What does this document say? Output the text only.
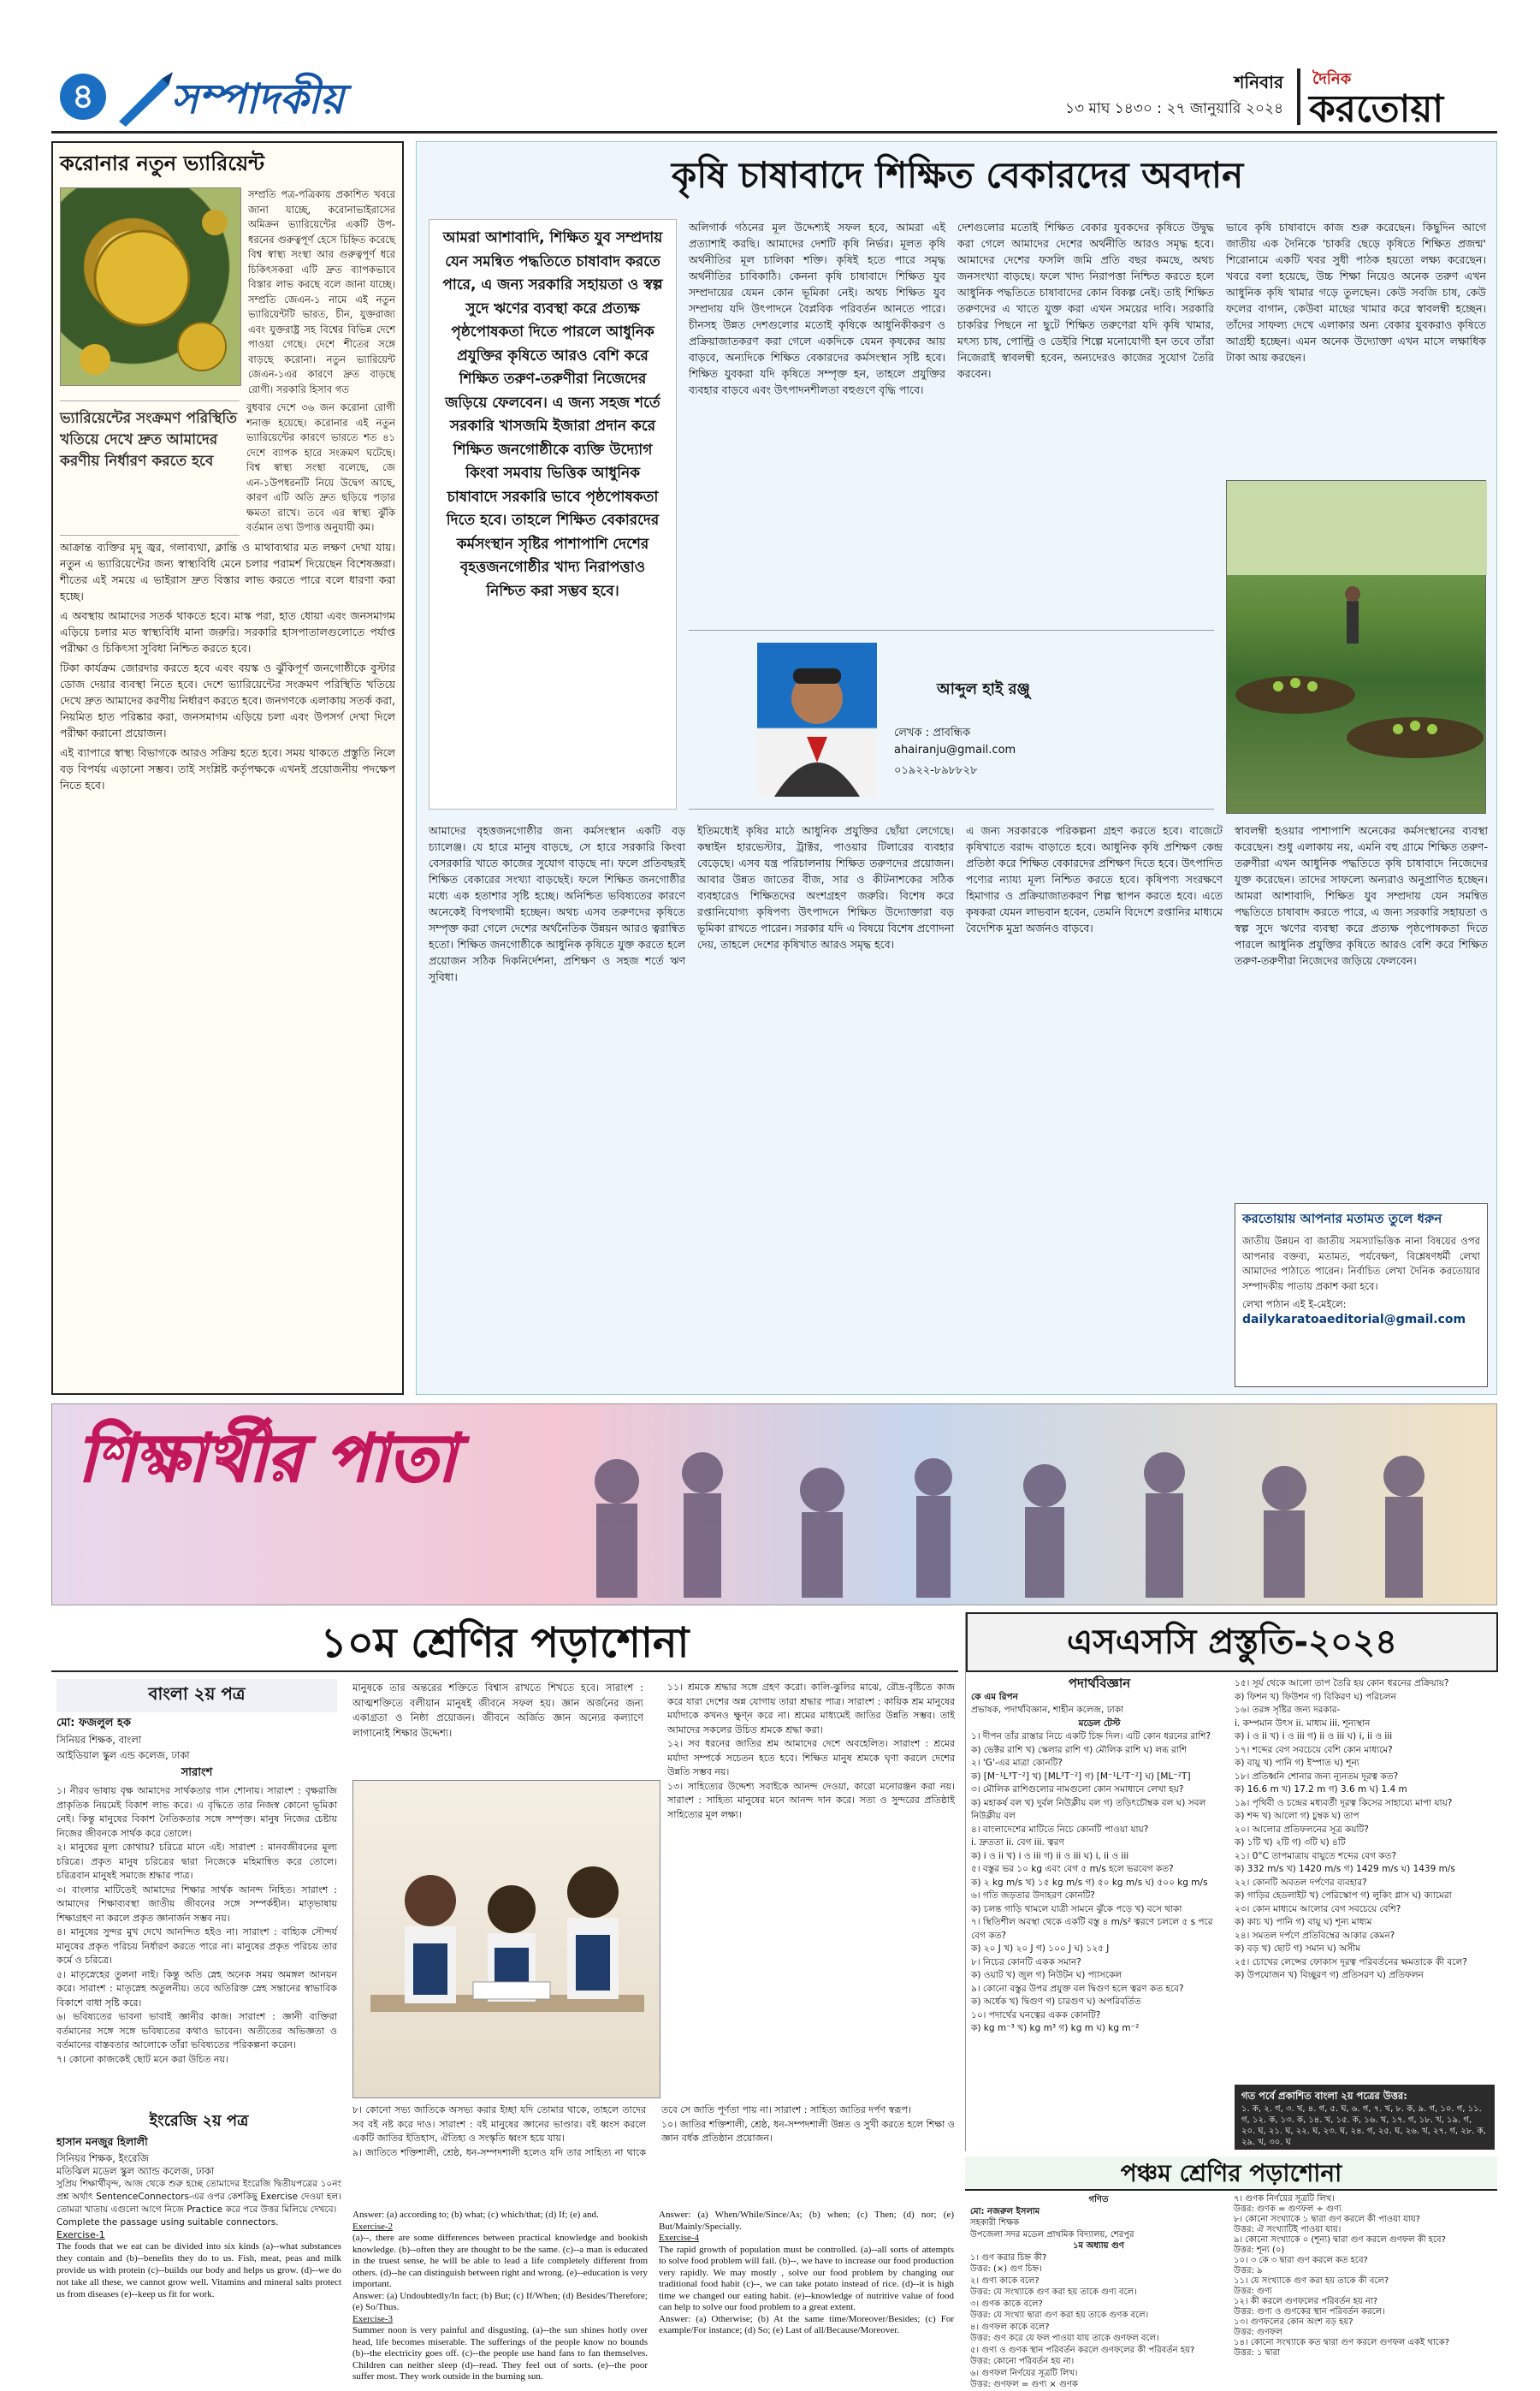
৪	সম্পাদকীয়	শনিবার
১৩ মাঘ ১৪৩০ : ২৭ জানুয়ারি ২০২৪
দৈনিক
করতোয়া
করোনার নতুন ভ্যারিয়েন্ট
সম্প্রতি পত্র-পত্রিকায় প্রকাশিত খবরে জানা যাচ্ছে, করোনাভাইরাসের অমিক্রন ভ্যারিয়েন্টের একটি উপ-ধরনের গুরুত্বপূর্ণ হেসে চিহ্নিত করেছে বিশ্ব স্বাস্থ্য সংস্থা আর গুরুত্বপূর্ণ ধরে চিকিৎসকরা এটি দ্রুত ব্যাপকভাবে বিস্তার লাভ করছে বলে জানা যাচ্ছে। সম্প্রতি জেএন-১ নামে এই নতুন ভ্যারিয়েন্টটি ভারত, চীন, যুক্তরাজ্য এবং যুক্তরাষ্ট্র সহ বিশ্বের বিভিন্ন দেশে পাওয়া গেছে। দেশে শীতের সঙ্গে বাড়ছে করোনা। নতুন ভ্যারিয়েন্ট জেএন-১এর কারণে দ্রুত বাড়ছে রোগী। সরকারি হিসাব গত
ভ্যারিয়েন্টের সংক্রমণ পরিস্থিতি খতিয়ে দেখে দ্রুত আমাদের করণীয় নির্ধারণ করতে হবে
বুধবার দেশে ৩৬ জন করোনা রোগী শনাক্ত হয়েছে। করোনার এই নতুন ভ্যারিয়েন্টের কারণে ভারতে শত ৪১ দেশে ব্যাপক হারে সংক্রমণ ঘটেছে। বিশ্ব স্বাস্থ্য সংস্থা বলেছে, জে এন-১উপধরনটি নিয়ে উদ্বেগ আছে, কারণ এটি অতি দ্রুত ছড়িয়ে পড়ার ক্ষমতা রাখে। তবে এর স্বাস্থ্য ঝুঁকি বর্তমান তথ্য উপাত্ত অনুযায়ী কম।

আক্রান্ত ব্যক্তির মৃদু জ্বর, গলাব্যথা, ক্লান্তি ও মাথাব্যথার মত লক্ষণ দেখা যায়। নতুন এ ভ্যারিয়েন্টের জন্য স্বাস্থ্যবিধি মেনে চলার পরামর্শ দিয়েছেন বিশেষজ্ঞরা। শীতের এই সময়ে এ ভাইরাস দ্রুত বিস্তার লাভ করতে পারে বলে ধারণা করা হচ্ছে।

এ অবস্থায় আমাদের সতর্ক থাকতে হবে। মাস্ক পরা, হাত ধোয়া এবং জনসমাগম এড়িয়ে চলার মত স্বাস্থ্যবিধি মানা জরুরি। সরকারি হাসপাতালগুলোতে পর্যাপ্ত পরীক্ষা ও চিকিৎসা সুবিধা নিশ্চিত করতে হবে।

টিকা কার্যক্রম জোরদার করতে হবে এবং বয়স্ক ও ঝুঁকিপূর্ণ জনগোষ্ঠীকে বুস্টার ডোজ দেয়ার ব্যবস্থা নিতে হবে। দেশে ভ্যারিয়েন্টের সংক্রমণ পরিস্থিতি খতিয়ে দেখে দ্রুত আমাদের করণীয় নির্ধারণ করতে হবে। জনগণকে এলাকায় সতর্ক করা, নিয়মিত হাত পরিষ্কার করা, জনসমাগম এড়িয়ে চলা এবং উপসর্গ দেখা দিলে পরীক্ষা করানো প্রয়োজন।

এই ব্যাপারে স্বাস্থ্য বিভাগকে আরও সক্রিয় হতে হবে। সময় থাকতে প্রস্তুতি নিলে বড় বিপর্যয় এড়ানো সম্ভব। তাই সংশ্লিষ্ট কর্তৃপক্ষকে এখনই প্রয়োজনীয় পদক্ষেপ নিতে হবে।

কৃষি চাষাবাদে শিক্ষিত বেকারদের অবদান
আমরা আশাবাদি, শিক্ষিত যুব সম্প্রদায় যেন সমন্বিত পদ্ধতিতে চাষাবাদ করতে পারে, এ জন্য সরকারি সহায়তা ও স্বল্প সুদে ঋণের ব্যবস্থা করে প্রত্যক্ষ পৃষ্ঠপোষকতা দিতে পারলে আধুনিক প্রযুক্তির কৃষিতে আরও বেশি করে শিক্ষিত তরুণ-তরুণীরা নিজেদের জড়িয়ে ফেলবেন। এ জন্য সহজ শর্তে সরকারি খাসজমি ইজারা প্রদান করে শিক্ষিত জনগোষ্ঠীকে ব্যক্তি উদ্যোগ কিংবা সমবায় ভিত্তিক আধুনিক চাষাবাদে সরকারি ভাবে পৃষ্ঠপোষকতা দিতে হবে। তাহলে শিক্ষিত বেকারদের কর্মসংস্থান সৃষ্টির পাশাপাশি দেশের বৃহত্তজনগোষ্ঠীর খাদ্য নিরাপত্তাও নিশ্চিত করা সম্ভব হবে।
অলিগার্ক গঠনের মূল উদ্দেশ্যই সফল হবে, আমরা এই প্রত্যাশাই করছি। আমাদের দেশটি কৃষি নির্ভর। মূলত কৃষি অর্থনীতির মূল চালিকা শক্তি। কৃষিই হতে পারে সমৃদ্ধ অর্থনীতির চাবিকাঠি। কেননা কৃষি চাষাবাদে শিক্ষিত যুব সম্প্রদায়ের যেমন কোন ভূমিকা নেই। অথচ শিক্ষিত যুব সম্প্রদায় যদি উৎপাদনে বৈপ্লবিক পরিবর্তন আনতে পারে। চীনসহ উন্নত দেশগুলোর মতোই কৃষিকে আধুনিকীকরণ ও প্রক্রিয়াজাতকরণ করা গেলে একদিকে যেমন কৃষকের আয় বাড়বে, অন্যদিকে শিক্ষিত বেকারদের কর্মসংস্থান সৃষ্টি হবে। শিক্ষিত যুবকরা যদি কৃষিতে সম্পৃক্ত হন, তাহলে প্রযুক্তির ব্যবহার বাড়বে এবং উৎপাদনশীলতা বহুগুণে বৃদ্ধি পাবে।
দেশগুলোর মতোই শিক্ষিত বেকার যুবকদের কৃষিতে উদ্বুদ্ধ করা গেলে আমাদের দেশের অর্থনীতি আরও সমৃদ্ধ হবে। আমাদের দেশের ফসলি জমি প্রতি বছর কমছে, অথচ জনসংখ্যা বাড়ছে। ফলে খাদ্য নিরাপত্তা নিশ্চিত করতে হলে আধুনিক পদ্ধতিতে চাষাবাদের কোন বিকল্প নেই। তাই শিক্ষিত তরুণদের এ খাতে যুক্ত করা এখন সময়ের দাবি। সরকারি চাকরির পিছনে না ছুটে শিক্ষিত তরুণেরা যদি কৃষি খামার, মৎস্য চাষ, পোল্ট্রি ও ডেইরি শিল্পে মনোযোগী হন তবে তাঁরা নিজেরাই স্বাবলম্বী হবেন, অন্যদেরও কাজের সুযোগ তৈরি করবেন।
ভাবে কৃষি চাষাবাদে কাজ শুরু করেছেন। কিছুদিন আগে জাতীয় এক দৈনিকে 'চাকরি ছেড়ে কৃষিতে শিক্ষিত প্রজন্ম' শিরোনামে একটি খবর সুধী পাঠক হয়তো লক্ষ্য করেছেন। খবরে বলা হয়েছে, উচ্চ শিক্ষা নিয়েও অনেক তরুণ এখন আধুনিক কৃষি খামার গড়ে তুলছেন। কেউ সবজি চাষ, কেউ ফলের বাগান, কেউবা মাছের খামার করে স্বাবলম্বী হচ্ছেন। তাঁদের সাফল্য দেখে এলাকার অন্য বেকার যুবকরাও কৃষিতে আগ্রহী হচ্ছেন। এমন অনেক উদ্যোক্তা এখন মাসে লক্ষাধিক টাকা আয় করছেন।
আব্দুল হাই রঞ্জু
লেখক : প্রাবন্ধিক
ahairanju@gmail.com
০১৯২২-৮৯৮৮২৮
আমাদের বৃহত্তজনগোষ্ঠীর জন্য কর্মসংস্থান একটি বড় চ্যালেঞ্জ। যে হারে মানুষ বাড়ছে, সে হারে সরকারি কিংবা বেসরকারি খাতে কাজের সুযোগ বাড়ছে না। ফলে প্রতিবছরই শিক্ষিত বেকারের সংখ্যা বাড়ছেই। ফলে শিক্ষিত জনগোষ্ঠীর মধ্যে এক হতাশার সৃষ্টি হচ্ছে। অনিশ্চিত ভবিষ্যতের কারণে অনেকেই বিপথগামী হচ্ছেন। অথচ এসব তরুণদের কৃষিতে সম্পৃক্ত করা গেলে দেশের অর্থনৈতিক উন্নয়ন আরও ত্বরান্বিত হতো। শিক্ষিত জনগোষ্ঠীকে আধুনিক কৃষিতে যুক্ত করতে হলে প্রয়োজন সঠিক দিকনির্দেশনা, প্রশিক্ষণ ও সহজ শর্তে ঋণ সুবিধা।
ইতিমধ্যেই কৃষির মাঠে আধুনিক প্রযুক্তির ছোঁয়া লেগেছে। কম্বাইন হারভেস্টার, ট্রাক্টর, পাওয়ার টিলারের ব্যবহার বেড়েছে। এসব যন্ত্র পরিচালনায় শিক্ষিত তরুণদের প্রয়োজন। আবার উন্নত জাতের বীজ, সার ও কীটনাশকের সঠিক ব্যবহারেও শিক্ষিতদের অংশগ্রহণ জরুরি। বিশেষ করে রপ্তানিযোগ্য কৃষিপণ্য উৎপাদনে শিক্ষিত উদ্যোক্তারা বড় ভূমিকা রাখতে পারেন। সরকার যদি এ বিষয়ে বিশেষ প্রণোদনা দেয়, তাহলে দেশের কৃষিখাত আরও সমৃদ্ধ হবে।
এ জন্য সরকারকে পরিকল্পনা গ্রহণ করতে হবে। বাজেটে কৃষিখাতে বরাদ্দ বাড়াতে হবে। আধুনিক কৃষি প্রশিক্ষণ কেন্দ্র প্রতিষ্ঠা করে শিক্ষিত বেকারদের প্রশিক্ষণ দিতে হবে। উৎপাদিত পণ্যের ন্যায্য মূল্য নিশ্চিত করতে হবে। কৃষিপণ্য সংরক্ষণে হিমাগার ও প্রক্রিয়াজাতকরণ শিল্প স্থাপন করতে হবে। এতে কৃষকরা যেমন লাভবান হবেন, তেমনি বিদেশে রপ্তানির মাধ্যমে বৈদেশিক মুদ্রা অর্জনও বাড়বে।
স্বাবলম্বী হওয়ার পাশাপাশি অনেকের কর্মসংস্থানের ব্যবস্থা করেছেন। শুধু এলাকায় নয়, এমনি বহু গ্রামে শিক্ষিত তরুণ-তরুণীরা এখন আধুনিক পদ্ধতিতে কৃষি চাষাবাদে নিজেদের যুক্ত করেছেন। তাদের সাফল্যে অন্যরাও অনুপ্রাণিত হচ্ছেন। আমরা আশাবাদি, শিক্ষিত যুব সম্প্রদায় যেন সমন্বিত পদ্ধতিতে চাষাবাদ করতে পারে, এ জন্য সরকারি সহায়তা ও স্বল্প সুদে ঋণের ব্যবস্থা করে প্রত্যক্ষ পৃষ্ঠপোষকতা দিতে পারলে আধুনিক প্রযুক্তির কৃষিতে আরও বেশি করে শিক্ষিত তরুণ-তরুণীরা নিজেদের জড়িয়ে ফেলবেন।
করতোয়ায় আপনার মতামত তুলে ধরুন
জাতীয় উন্নয়ন বা জাতীয় সমস্যাভিত্তিক নানা বিষয়ের ওপর আপনার বক্তব্য, মতামত, পর্যবেক্ষণ, বিশ্লেষণধর্মী লেখা আমাদের পাঠাতে পারেন। নির্বাচিত লেখা দৈনিক করতোয়ার সম্পাদকীয় পাতায় প্রকাশ করা হবে।
লেখা পাঠান এই ই-মেইলে:
dailykaratoaeditorial@gmail.com
শিক্ষার্থীর পাতা
১০ম শ্রেণির পড়াশোনা
বাংলা ২য় পত্র
মো: ফজলুল হক
সিনিয়র শিক্ষক, বাংলা
আইডিয়াল স্কুল এন্ড কলেজ, ঢাকা
সারাংশ
১। নীরব ভাষায় বৃক্ষ আমাদের সার্থকতার গান শোনায়। সারাংশ : বৃক্ষরাজি প্রাকৃতিক নিয়মেই বিকাশ লাভ করে। এ বৃদ্ধিতে তার নিজস্ব কোনো ভূমিকা নেই। কিন্তু মানুষের বিকাশ নৈতিকতার সঙ্গে সম্পৃক্ত। মানুষ নিজের চেষ্টায় নিজের জীবনকে সার্থক করে তোলে।
২। মানুষের মূল্য কোথায়? চরিত্রে মানে এই। সারাংশ : মানবজীবনের মূল্য চরিত্রে। প্রকৃত মানুষ চরিত্রের দ্বারা নিজেকে মহিমান্বিত করে তোলে। চরিত্রবান মানুষই সমাজে শ্রদ্ধার পাত্র।
৩। বাংলার মাটিতেই আমাদের শিক্ষার সার্থক আনন্দ নিহিত। সারাংশ : আমাদের শিক্ষাব্যবস্থা জাতীয় জীবনের সঙ্গে সম্পর্কহীন। মাতৃভাষায় শিক্ষাগ্রহণ না করলে প্রকৃত জ্ঞানার্জন সম্ভব নয়।
৪। মানুষের সুন্দর মুখ দেখে আনন্দিত হইও না। সারাংশ : বাহ্যিক সৌন্দর্য মানুষের প্রকৃত পরিচয় নির্ধারণ করতে পারে না। মানুষের প্রকৃত পরিচয় তার কর্মে ও চরিত্রে।
৫। মাতৃস্নেহের তুলনা নাই। কিন্তু অতি স্নেহ অনেক সময় অমঙ্গল আনয়ন করে। সারাংশ : মাতৃস্নেহ অতুলনীয়। তবে অতিরিক্ত স্নেহ সন্তানের স্বাভাবিক বিকাশে বাধা সৃষ্টি করে।
৬। ভবিষ্যতের ভাবনা ভাবাই জ্ঞানীর কাজ। সারাংশ : জ্ঞানী ব্যক্তিরা বর্তমানের সঙ্গে সঙ্গে ভবিষ্যতের কথাও ভাবেন। অতীতের অভিজ্ঞতা ও বর্তমানের বাস্তবতার আলোকে তাঁরা ভবিষ্যতের পরিকল্পনা করেন।
৭। কোনো কাজকেই ছোট মনে করা উচিত নয়।
মানুষকে তার অন্তরের শক্তিতে বিশ্বাস রাখতে শিখতে হবে। সারাংশ : আত্মশক্তিতে বলীয়ান মানুষই জীবনে সফল হয়। জ্ঞান অর্জনের জন্য একাগ্রতা ও নিষ্ঠা প্রয়োজন। জীবনে অর্জিত জ্ঞান অন্যের কল্যাণে লাগানোই শিক্ষার উদ্দেশ্য।
১১। শ্রমকে শ্রদ্ধার সঙ্গে গ্রহণ করো। কালি-ঝুলির মাঝে, রৌদ্র-বৃষ্টিতে কাজ করে যারা দেশের অন্ন যোগায় তারা শ্রদ্ধার পাত্র। সারাংশ : কায়িক শ্রম মানুষের মর্যাদাকে কখনও ক্ষুণ্ন করে না। শ্রমের মাধ্যমেই জাতির উন্নতি সম্ভব। তাই আমাদের সকলের উচিত শ্রমকে শ্রদ্ধা করা।
১২। সব ধরনের জাতির শ্রম আমাদের দেশে অবহেলিত। সারাংশ : শ্রমের মর্যাদা সম্পর্কে সচেতন হতে হবে। শিক্ষিত মানুষ শ্রমকে ঘৃণা করলে দেশের উন্নতি সম্ভব নয়।
১৩। সাহিত্যের উদ্দেশ্য সবাইকে আনন্দ দেওয়া, কারো মনোরঞ্জন করা নয়। সারাংশ : সাহিত্য মানুষের মনে আনন্দ দান করে। সত্য ও সুন্দরের প্রতিষ্ঠাই সাহিত্যের মূল লক্ষ্য।
৮। কোনো সভ্য জাতিকে অসভ্য করার ইচ্ছা যদি তোমার থাকে, তাহলে তাদের সব বই নষ্ট করে দাও। সারাংশ : বই মানুষের জ্ঞানের ভাণ্ডার। বই ধ্বংস করলে একটি জাতির ইতিহাস, ঐতিহ্য ও সংস্কৃতি ধ্বংস হয়ে যায়।
৯। জাতিতে শক্তিশালী, শ্রেষ্ঠ, ধন-সম্পদশালী হলেও যদি তার সাহিত্য না থাকে তবে সে জাতি পূর্ণতা পায় না। সারাংশ : সাহিত্য জাতির দর্পণ স্বরূপ।
১০। জাতির শক্তিশালী, শ্রেষ্ঠ, ধন-সম্পদশালী উন্নত ও সুখী করতে হলে শিক্ষা ও জ্ঞান বর্ধক প্রতিষ্ঠান প্রয়োজন।
ইংরেজি ২য় পত্র
হাসান মনজুর হিলালী
সিনিয়র শিক্ষক, ইংরেজি
মতিঝিল মডেল স্কুল অ্যান্ড কলেজ, ঢাকা
সুপ্রিয় শিক্ষার্থীবৃন্দ, আজ থেকে শুরু হচ্ছে তোমাদের ইংরেজি দ্বিতীয়পত্রের ১০নং প্রশ্ন অর্থাৎ SentenceConnectors-এর ওপর কেশকিছু Exercise দেওয়া হল। তোমরা খাতায় এগুলো আগে নিজে Practice করে পরে উত্তর মিলিয়ে দেখবে।
Complete the passage using suitable connectors.
Exercise-1
The foods that we eat can be divided into six kinds (a)--what substances they contain and (b)--benefits they do to us. Fish, meat, peas and milk provide us with protein (c)--builds our body and helps us grow. (d)--we do not take all these, we cannot grow well. Vitamins and mineral salts protect us from diseases (e)--keep us fit for work.
Answer: (a) according to; (b) what; (c) which/that; (d) If; (e) and.
Exercise-2
(a)--, there are some differences between practical knowledge and bookish knowledge. (b)--often they are thought to be the same. (c)--a man is educated in the truest sense, he will be able to lead a life completely different from others. (d)--he can distinguish between right and wrong. (e)--education is very important.
Answer: (a) Undoubtedly/In fact; (b) But; (c) If/When; (d) Besides/Therefore; (e) So/Thus.
Exercise-3
Summer noon is very painful and disgusting. (a)--the sun shines hotly over head, life becomes miserable. The sufferings of the people know no bounds (b)--the electricity goes off. (c)--the people use hand fans to fan themselves. Children can neither sleep (d)--read. They feel out of sorts. (e)--the poor suffer most. They work outside in the burning sun.
Answer: (a) When/While/Since/As; (b) when; (c) Then; (d) nor; (e) But/Mainly/Specially.
Exercise-4
The rapid growth of population must be controlled. (a)--all sorts of attempts to solve food problem will fail. (b)--, we have to increase our food production very rapidly. We may mostly , solve our food problem by changing our traditional food habit (c)--, we can take potato instead of rice. (d)--it is high time we changed our eating habit. (e)--knowledge of nutritive value of food can help to solve our food problem to a great extent.
Answer: (a) Otherwise; (b) At the same time/Moreover/Besides; (c) For example/For instance; (d) So; (e) Last of all/Because/Moreover.
এসএসসি প্রস্তুতি-২০২৪
পদার্থবিজ্ঞান
কে এম রিপন
প্রভাষক, পদার্থবিজ্ঞান, শাহীন কলেজ, ঢাকা
মডেল টেস্ট
১। দীপন তাঁর রাস্তার নিচে একটি চিহ্ন দিল। এটি কোন ধরনের রাশি?
ক) ভেক্টর রাশি খ) স্কেলার রাশি গ) মৌলিক রাশি ঘ) লব্ধ রাশি
২। 'G'-এর মাত্রা কোনটি?
ক) [M⁻¹L³T⁻²] খ) [ML³T⁻²] গ) [M⁻¹L²T⁻²] ঘ) [ML⁻²T]
৩। মৌলিক রাশিগুলোর নামগুলো কোন সমাধানে লেখা হয়?
ক) মহাকর্ষ বল খ) দুর্বল নিউক্লীয় বল গ) তড়িৎচৌম্বক বল ঘ) সবল নিউক্লীয় বল
৪। বাংলাদেশের মাটিতে নিচে কোনটি পাওয়া যায়?
i. দ্রুততা ii. বেগ iii. ত্বরণ
ক) i ও ii খ) i ও iii গ) ii ও iii ঘ) i, ii ও iii
৫। বস্তুর ভর ১০ kg এবং বেগ ৫ m/s হলে ভরবেগ কত?
ক) ২ kg m/s খ) ১৫ kg m/s গ) ৫০ kg m/s ঘ) ৫০০ kg m/s
৬। গতি জড়তার উদাহরণ কোনটি?
ক) চলন্ত গাড়ি থামলে যাত্রী সামনে ঝুঁকে পড়ে খ) বসে থাকা
৭। স্থিতিশীল অবস্থা থেকে একটি বস্তু ৪ m/s² ত্বরণে চললে ৫ s পরে বেগ কত?
ক) ২০ J খ) ২০ J গ) ১০০ J ঘ) ১২৫ J
৮। নিচের কোনটি একক সমান?
ক) ওয়াট খ) জুল গ) নিউটন ঘ) প্যাসকেল
৯। কোনো বস্তুর উপর প্রযুক্ত বল দ্বিগুণ হলে ত্বরণ কত হবে?
ক) অর্ধেক খ) দ্বিগুণ গ) চারগুণ ঘ) অপরিবর্তিত
১০। পদার্থের ঘনত্বের একক কোনটি?
ক) kg m⁻³ খ) kg m³ গ) kg m ঘ) kg m⁻²
১৫। সূর্য থেকে আলো তাপ তৈরি হয় কোন ধরনের প্রক্রিয়ায়?
ক) ফিশন খ) ফিউশন গ) বিকিরণ ঘ) পরিচলন
১৬। তরঙ্গ সৃষ্টির জন্য দরকার-
i. কম্পমান উৎস ii. মাধ্যম iii. শূন্যস্থান
ক) i ও ii খ) i ও iii গ) ii ও iii ঘ) i, ii ও iii
১৭। শব্দের বেগ সবচেয়ে বেশি কোন মাধ্যমে?
ক) বায়ু খ) পানি গ) ইস্পাত ঘ) শূন্য
১৮। প্রতিধ্বনি শোনার জন্য ন্যূনতম দূরত্ব কত?
ক) 16.6 m খ) 17.2 m গ) 3.6 m ঘ) 1.4 m
১৯। পৃথিবী ও চন্দ্রের মধ্যবর্তী দূরত্ব কিসের সাহায্যে মাপা যায়?
ক) শব্দ খ) আলো গ) চুম্বক ঘ) তাপ
২০। আলোর প্রতিফলনের সূত্র কয়টি?
ক) ১টি খ) ২টি গ) ৩টি ঘ) ৪টি
২১। 0°C তাপমাত্রায় বায়ুতে শব্দের বেগ কত?
ক) 332 m/s খ) 1420 m/s গ) 1429 m/s ঘ) 1439 m/s
২২। কোনটি অবতল দর্পণের ব্যবহার?
ক) গাড়ির হেডলাইট খ) পেরিস্কোপ গ) লুকিং গ্লাস ঘ) ক্যামেরা
২৩। কোন মাধ্যমে আলোর বেগ সবচেয়ে বেশি?
ক) কাচ খ) পানি গ) বায়ু ঘ) শূন্য মাধ্যম
২৪। সমতল দর্পণে প্রতিবিম্বের আকার কেমন?
ক) বড় খ) ছোট গ) সমান ঘ) অসীম
২৫। চোখের লেন্সের ফোকাস দূরত্ব পরিবর্তনের ক্ষমতাকে কী বলে?
ক) উপযোজন খ) বিচ্ছুরণ গ) প্রতিসরণ ঘ) প্রতিফলন
গত পর্বে প্রকাশিত বাংলা ২য় পত্রের উত্তর:
১. ক, ২. গ, ৩. খ, ৪. গ, ৫. ঘ, ৬. গ, ৭. খ, ৮. ক, ৯. গ, ১০. গ, ১১. গ, ১২. ক, ১৩. ক, ১৪. খ, ১৫. ক, ১৬. খ, ১৭. গ, ১৮. খ, ১৯. গ, ২০. ঘ, ২১. ঘ, ২২. ঘ, ২৩. ঘ, ২৪. গ, ২৫. ঘ, ২৬. খ, ২৭. গ, ২৮. ক, ২৯. খ, ৩০. ঘ
পঞ্চম শ্রেণির পড়াশোনা
গণিত
মো: নজরুল ইসলাম
সহকারী শিক্ষক
উপজেলা সদর মডেল প্রাথমিক বিদ্যালয়, শেরপুর
১ম অধ্যায় গুণ
১। গুণ করার চিহ্ন কী?
উত্তর: (×) গুণ চিহ্ন।
২। গুণ্য কাকে বলে?
উত্তর: যে সংখ্যাকে গুণ করা হয় তাকে গুণ্য বলে।
৩। গুণক কাকে বলে?
উত্তর: যে সংখ্যা দ্বারা গুণ করা হয় তাকে গুণক বলে।
৪। গুণফল কাকে বলে?
উত্তর: গুণ করে যে ফল পাওয়া যায় তাকে গুণফল বলে।
৫। গুণ্য ও গুণক স্থান পরিবর্তন করলে গুণফলের কী পরিবর্তন হয়?
উত্তর: কোনো পরিবর্তন হয় না।
৬। গুণফল নির্ণয়ের সূত্রটি লিখ।
উত্তর: গুণফল = গুণ্য × গুণক
৭। গুণক নির্ণয়ের সূত্রটি লিখ।
উত্তর: গুণক = গুণফল ÷ গুণ্য
৮। কোনো সংখ্যাকে ১ দ্বারা গুণ করলে কী পাওয়া যায়?
উত্তর: ঐ সংখ্যাটিই পাওয়া যায়।
৯। কোনো সংখ্যাকে ০ (শূন্য) দ্বারা গুণ করলে গুণফল কী হবে?
উত্তর: শূন্য (০)
১০। ৩ কে ৩ দ্বারা গুণ করলে কত হবে?
উত্তর: ৯
১১। যে সংখ্যাকে গুণ করা হয় তাকে কী বলে?
উত্তর: গুণ্য
১২। কী করলে গুণফলের পরিবর্তন হয় না?
উত্তর: গুণ্য ও গুণকের স্থান পরিবর্তন করলে।
১৩। গুণফলের কোন অংশ বড় হয়?
উত্তর: গুণফল
১৪। কোনো সংখ্যাকে কত দ্বারা গুণ করলে গুণফল একই থাকে?
উত্তর: ১ দ্বারা
